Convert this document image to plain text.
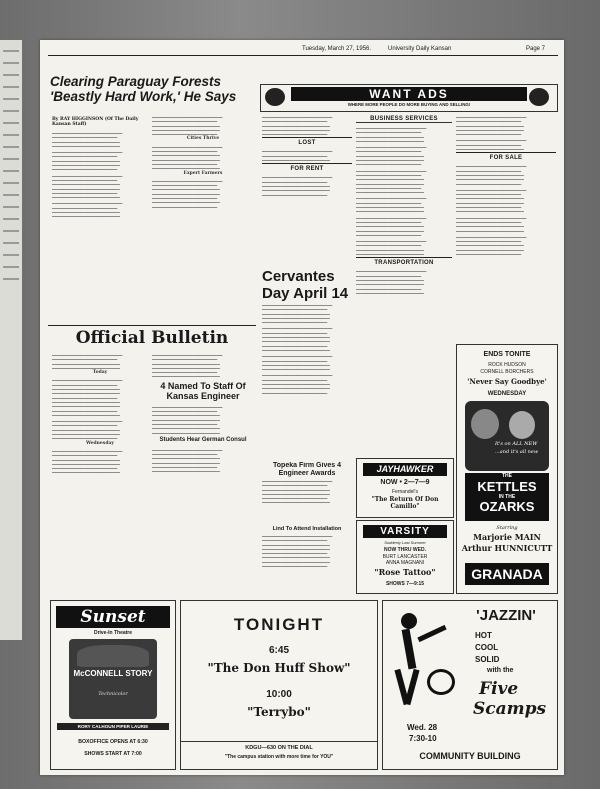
Tuesday, March 27, 1956.	University Daily Kansan	Page 7
Clearing Paraguay Forests 'Beastly Hard Work,' He Says
By RAY HIGGINSON (Of The Daily Kansan Staff)

▁▁▁▁▁▁▁▁▁▁▁▁▁▁▁▁▁▁▁▁▁▁▁▁▁▁▁ ▁▁▁▁▁▁▁▁▁▁▁▁▁▁▁▁▁▁▁▁▁▁▁▁▁ ▁▁▁▁▁▁▁▁▁▁▁▁▁▁▁▁▁▁▁▁▁▁▁▁▁▁ ▁▁▁▁▁▁▁▁▁▁▁▁▁▁▁▁▁▁▁▁▁▁▁▁▁▁

▁▁▁▁▁▁▁▁▁▁▁▁▁▁▁▁▁▁▁▁▁▁▁▁▁▁▁ ▁▁▁▁▁▁▁▁▁▁▁▁▁▁▁▁▁▁▁▁▁▁▁▁▁ ▁▁▁▁▁▁▁▁▁▁▁▁▁▁▁▁▁▁▁▁▁▁▁▁▁▁ ▁▁▁▁▁▁▁▁▁▁▁▁▁▁▁▁▁▁▁▁▁▁▁▁▁▁ ▁▁▁▁▁▁▁▁▁▁▁▁▁▁▁▁▁▁▁▁▁▁▁▁▁

▁▁▁▁▁▁▁▁▁▁▁▁▁▁▁▁▁▁▁▁▁▁▁▁▁▁▁ ▁▁▁▁▁▁▁▁▁▁▁▁▁▁▁▁▁▁▁▁▁▁▁▁▁ ▁▁▁▁▁▁▁▁▁▁▁▁▁▁▁▁▁▁▁▁▁▁▁▁▁▁ ▁▁▁▁▁▁▁▁▁▁▁▁▁▁▁▁▁▁▁▁▁▁▁▁▁▁ ▁▁▁▁▁▁▁▁▁▁▁▁▁▁▁▁▁▁▁▁▁▁▁▁▁ ▁▁▁▁▁▁▁▁▁▁▁▁▁▁▁▁▁▁▁▁▁▁▁▁▁▁

▁▁▁▁▁▁▁▁▁▁▁▁▁▁▁▁▁▁▁▁▁▁▁▁▁▁▁ ▁▁▁▁▁▁▁▁▁▁▁▁▁▁▁▁▁▁▁▁▁▁▁▁▁ ▁▁▁▁▁▁▁▁▁▁▁▁▁▁▁▁▁▁▁▁▁▁▁▁▁▁ ▁▁▁▁▁▁▁▁▁▁▁▁▁▁▁▁▁▁▁▁▁▁▁▁▁▁

▁▁▁▁▁▁▁▁▁▁▁▁▁▁▁▁▁▁▁▁▁▁▁▁▁▁▁ ▁▁▁▁▁▁▁▁▁▁▁▁▁▁▁▁▁▁▁▁▁▁▁▁▁ ▁▁▁▁▁▁▁▁▁▁▁▁▁▁▁▁▁▁▁▁▁▁▁▁▁▁ ▁▁▁▁▁▁▁▁▁▁▁▁▁▁▁▁▁▁▁▁▁▁▁▁▁▁ ▁▁▁▁▁▁▁▁▁▁▁▁▁▁▁▁▁▁▁▁▁▁▁▁▁

Cities Thrive

▁▁▁▁▁▁▁▁▁▁▁▁▁▁▁▁▁▁▁▁▁▁▁▁▁▁▁ ▁▁▁▁▁▁▁▁▁▁▁▁▁▁▁▁▁▁▁▁▁▁▁▁▁ ▁▁▁▁▁▁▁▁▁▁▁▁▁▁▁▁▁▁▁▁▁▁▁▁▁▁ ▁▁▁▁▁▁▁▁▁▁▁▁▁▁▁▁▁▁▁▁▁▁▁▁▁▁ ▁▁▁▁▁▁▁▁▁▁▁▁▁▁▁▁▁▁▁▁▁▁▁▁▁ ▁▁▁▁▁▁▁▁▁▁▁▁▁▁▁▁▁▁▁▁▁▁▁▁▁▁

Expert Farmers

▁▁▁▁▁▁▁▁▁▁▁▁▁▁▁▁▁▁▁▁▁▁▁▁▁▁▁ ▁▁▁▁▁▁▁▁▁▁▁▁▁▁▁▁▁▁▁▁▁▁▁▁▁ ▁▁▁▁▁▁▁▁▁▁▁▁▁▁▁▁▁▁▁▁▁▁▁▁▁▁ ▁▁▁▁▁▁▁▁▁▁▁▁▁▁▁▁▁▁▁▁▁▁▁▁▁▁ ▁▁▁▁▁▁▁▁▁▁▁▁▁▁▁▁▁▁▁▁▁▁▁▁▁ ▁▁▁▁▁▁▁▁▁▁▁▁▁▁▁▁▁▁▁▁▁▁▁▁▁▁ ▁▁▁▁▁▁▁▁▁▁▁▁▁▁▁▁▁▁▁▁▁▁▁▁▁

Official Bulletin

▁▁▁▁▁▁▁▁▁▁▁▁▁▁▁▁▁▁▁▁▁▁▁▁▁▁▁ ▁▁▁▁▁▁▁▁▁▁▁▁▁▁▁▁▁▁▁▁▁▁▁▁▁ ▁▁▁▁▁▁▁▁▁▁▁▁▁▁▁▁▁▁▁▁▁▁▁▁▁▁ ▁▁▁▁▁▁▁▁▁▁▁▁▁▁▁▁▁▁▁▁▁▁▁▁▁▁

Today

▁▁▁▁▁▁▁▁▁▁▁▁▁▁▁▁▁▁▁▁▁▁▁▁▁▁▁ ▁▁▁▁▁▁▁▁▁▁▁▁▁▁▁▁▁▁▁▁▁▁▁▁▁ ▁▁▁▁▁▁▁▁▁▁▁▁▁▁▁▁▁▁▁▁▁▁▁▁▁▁ ▁▁▁▁▁▁▁▁▁▁▁▁▁▁▁▁▁▁▁▁▁▁▁▁▁▁ ▁▁▁▁▁▁▁▁▁▁▁▁▁▁▁▁▁▁▁▁▁▁▁▁▁ ▁▁▁▁▁▁▁▁▁▁▁▁▁▁▁▁▁▁▁▁▁▁▁▁▁▁ ▁▁▁▁▁▁▁▁▁▁▁▁▁▁▁▁▁▁▁▁▁▁▁▁▁▁ ▁▁▁▁▁▁▁▁▁▁▁▁▁▁▁▁▁▁▁▁▁▁▁▁▁ ▁▁▁▁▁▁▁▁▁▁▁▁▁▁▁▁▁▁▁▁▁▁▁▁▁▁

▁▁▁▁▁▁▁▁▁▁▁▁▁▁▁▁▁▁▁▁▁▁▁▁▁▁▁ ▁▁▁▁▁▁▁▁▁▁▁▁▁▁▁▁▁▁▁▁▁▁▁▁▁ ▁▁▁▁▁▁▁▁▁▁▁▁▁▁▁▁▁▁▁▁▁▁▁▁▁▁ ▁▁▁▁▁▁▁▁▁▁▁▁▁▁▁▁▁▁▁▁▁▁▁▁▁▁ ▁▁▁▁▁▁▁▁▁▁▁▁▁▁▁▁▁▁▁▁▁▁▁▁▁

Wednesday

▁▁▁▁▁▁▁▁▁▁▁▁▁▁▁▁▁▁▁▁▁▁▁▁▁▁▁ ▁▁▁▁▁▁▁▁▁▁▁▁▁▁▁▁▁▁▁▁▁▁▁▁▁ ▁▁▁▁▁▁▁▁▁▁▁▁▁▁▁▁▁▁▁▁▁▁▁▁▁▁ ▁▁▁▁▁▁▁▁▁▁▁▁▁▁▁▁▁▁▁▁▁▁▁▁▁▁ ▁▁▁▁▁▁▁▁▁▁▁▁▁▁▁▁▁▁▁▁▁▁▁▁▁ ▁▁▁▁▁▁▁▁▁▁▁▁▁▁▁▁▁▁▁▁▁▁▁▁▁▁

▁▁▁▁▁▁▁▁▁▁▁▁▁▁▁▁▁▁▁▁▁▁▁▁▁▁▁ ▁▁▁▁▁▁▁▁▁▁▁▁▁▁▁▁▁▁▁▁▁▁▁▁▁ ▁▁▁▁▁▁▁▁▁▁▁▁▁▁▁▁▁▁▁▁▁▁▁▁▁▁ ▁▁▁▁▁▁▁▁▁▁▁▁▁▁▁▁▁▁▁▁▁▁▁▁▁▁ ▁▁▁▁▁▁▁▁▁▁▁▁▁▁▁▁▁▁▁▁▁▁▁▁▁ ▁▁▁▁▁▁▁▁▁▁▁▁▁▁▁▁▁▁▁▁▁▁▁▁▁▁

4 Named To Staff Of Kansas Engineer

▁▁▁▁▁▁▁▁▁▁▁▁▁▁▁▁▁▁▁▁▁▁▁▁▁▁▁ ▁▁▁▁▁▁▁▁▁▁▁▁▁▁▁▁▁▁▁▁▁▁▁▁▁ ▁▁▁▁▁▁▁▁▁▁▁▁▁▁▁▁▁▁▁▁▁▁▁▁▁▁ ▁▁▁▁▁▁▁▁▁▁▁▁▁▁▁▁▁▁▁▁▁▁▁▁▁▁ ▁▁▁▁▁▁▁▁▁▁▁▁▁▁▁▁▁▁▁▁▁▁▁▁▁ ▁▁▁▁▁▁▁▁▁▁▁▁▁▁▁▁▁▁▁▁▁▁▁▁▁▁ ▁▁▁▁▁▁▁▁▁▁▁▁▁▁▁▁▁▁▁▁▁▁▁▁▁▁

Students Hear German Consul

▁▁▁▁▁▁▁▁▁▁▁▁▁▁▁▁▁▁▁▁▁▁▁▁▁▁▁ ▁▁▁▁▁▁▁▁▁▁▁▁▁▁▁▁▁▁▁▁▁▁▁▁▁ ▁▁▁▁▁▁▁▁▁▁▁▁▁▁▁▁▁▁▁▁▁▁▁▁▁▁ ▁▁▁▁▁▁▁▁▁▁▁▁▁▁▁▁▁▁▁▁▁▁▁▁▁▁ ▁▁▁▁▁▁▁▁▁▁▁▁▁▁▁▁▁▁▁▁▁▁▁▁▁ ▁▁▁▁▁▁▁▁▁▁▁▁▁▁▁▁▁▁▁▁▁▁▁▁▁▁

WANT ADS
WHERE MORE PEOPLE DO MORE BUYING AND SELLING!

▁▁▁▁▁▁▁▁▁▁▁▁▁▁▁▁▁▁▁▁▁▁▁▁▁▁▁ ▁▁▁▁▁▁▁▁▁▁▁▁▁▁▁▁▁▁▁▁▁▁▁▁▁ ▁▁▁▁▁▁▁▁▁▁▁▁▁▁▁▁▁▁▁▁▁▁▁▁▁▁ ▁▁▁▁▁▁▁▁▁▁▁▁▁▁▁▁▁▁▁▁▁▁▁▁▁▁ ▁▁▁▁▁▁▁▁▁▁▁▁▁▁▁▁▁▁▁▁▁▁▁▁▁

LOST

▁▁▁▁▁▁▁▁▁▁▁▁▁▁▁▁▁▁▁▁▁▁▁▁▁▁▁ ▁▁▁▁▁▁▁▁▁▁▁▁▁▁▁▁▁▁▁▁▁▁▁▁▁ ▁▁▁▁▁▁▁▁▁▁▁▁▁▁▁▁▁▁▁▁▁▁▁▁▁▁

FOR RENT

▁▁▁▁▁▁▁▁▁▁▁▁▁▁▁▁▁▁▁▁▁▁▁▁▁▁▁ ▁▁▁▁▁▁▁▁▁▁▁▁▁▁▁▁▁▁▁▁▁▁▁▁▁ ▁▁▁▁▁▁▁▁▁▁▁▁▁▁▁▁▁▁▁▁▁▁▁▁▁▁ ▁▁▁▁▁▁▁▁▁▁▁▁▁▁▁▁▁▁▁▁▁▁▁▁▁▁ ▁▁▁▁▁▁▁▁▁▁▁▁▁▁▁▁▁▁▁▁▁▁▁▁▁

BUSINESS SERVICES

▁▁▁▁▁▁▁▁▁▁▁▁▁▁▁▁▁▁▁▁▁▁▁▁▁▁▁ ▁▁▁▁▁▁▁▁▁▁▁▁▁▁▁▁▁▁▁▁▁▁▁▁▁ ▁▁▁▁▁▁▁▁▁▁▁▁▁▁▁▁▁▁▁▁▁▁▁▁▁▁ ▁▁▁▁▁▁▁▁▁▁▁▁▁▁▁▁▁▁▁▁▁▁▁▁▁▁

▁▁▁▁▁▁▁▁▁▁▁▁▁▁▁▁▁▁▁▁▁▁▁▁▁▁▁ ▁▁▁▁▁▁▁▁▁▁▁▁▁▁▁▁▁▁▁▁▁▁▁▁▁ ▁▁▁▁▁▁▁▁▁▁▁▁▁▁▁▁▁▁▁▁▁▁▁▁▁▁ ▁▁▁▁▁▁▁▁▁▁▁▁▁▁▁▁▁▁▁▁▁▁▁▁▁▁ ▁▁▁▁▁▁▁▁▁▁▁▁▁▁▁▁▁▁▁▁▁▁▁▁▁

▁▁▁▁▁▁▁▁▁▁▁▁▁▁▁▁▁▁▁▁▁▁▁▁▁▁▁ ▁▁▁▁▁▁▁▁▁▁▁▁▁▁▁▁▁▁▁▁▁▁▁▁▁ ▁▁▁▁▁▁▁▁▁▁▁▁▁▁▁▁▁▁▁▁▁▁▁▁▁▁ ▁▁▁▁▁▁▁▁▁▁▁▁▁▁▁▁▁▁▁▁▁▁▁▁▁▁ ▁▁▁▁▁▁▁▁▁▁▁▁▁▁▁▁▁▁▁▁▁▁▁▁▁ ▁▁▁▁▁▁▁▁▁▁▁▁▁▁▁▁▁▁▁▁▁▁▁▁▁▁

▁▁▁▁▁▁▁▁▁▁▁▁▁▁▁▁▁▁▁▁▁▁▁▁▁▁▁ ▁▁▁▁▁▁▁▁▁▁▁▁▁▁▁▁▁▁▁▁▁▁▁▁▁ ▁▁▁▁▁▁▁▁▁▁▁▁▁▁▁▁▁▁▁▁▁▁▁▁▁▁ ▁▁▁▁▁▁▁▁▁▁▁▁▁▁▁▁▁▁▁▁▁▁▁▁▁▁

▁▁▁▁▁▁▁▁▁▁▁▁▁▁▁▁▁▁▁▁▁▁▁▁▁▁▁ ▁▁▁▁▁▁▁▁▁▁▁▁▁▁▁▁▁▁▁▁▁▁▁▁▁ ▁▁▁▁▁▁▁▁▁▁▁▁▁▁▁▁▁▁▁▁▁▁▁▁▁▁ ▁▁▁▁▁▁▁▁▁▁▁▁▁▁▁▁▁▁▁▁▁▁▁▁▁▁ ▁▁▁▁▁▁▁▁▁▁▁▁▁▁▁▁▁▁▁▁▁▁▁▁▁

▁▁▁▁▁▁▁▁▁▁▁▁▁▁▁▁▁▁▁▁▁▁▁▁▁▁▁ ▁▁▁▁▁▁▁▁▁▁▁▁▁▁▁▁▁▁▁▁▁▁▁▁▁ ▁▁▁▁▁▁▁▁▁▁▁▁▁▁▁▁▁▁▁▁▁▁▁▁▁▁ ▁▁▁▁▁▁▁▁▁▁▁▁▁▁▁▁▁▁▁▁▁▁▁▁▁▁

TRANSPORTATION

▁▁▁▁▁▁▁▁▁▁▁▁▁▁▁▁▁▁▁▁▁▁▁▁▁▁▁ ▁▁▁▁▁▁▁▁▁▁▁▁▁▁▁▁▁▁▁▁▁▁▁▁▁ ▁▁▁▁▁▁▁▁▁▁▁▁▁▁▁▁▁▁▁▁▁▁▁▁▁▁ ▁▁▁▁▁▁▁▁▁▁▁▁▁▁▁▁▁▁▁▁▁▁▁▁▁▁ ▁▁▁▁▁▁▁▁▁▁▁▁▁▁▁▁▁▁▁▁▁▁▁▁▁ ▁▁▁▁▁▁▁▁▁▁▁▁▁▁▁▁▁▁▁▁▁▁▁▁▁▁

▁▁▁▁▁▁▁▁▁▁▁▁▁▁▁▁▁▁▁▁▁▁▁▁▁▁▁ ▁▁▁▁▁▁▁▁▁▁▁▁▁▁▁▁▁▁▁▁▁▁▁▁▁ ▁▁▁▁▁▁▁▁▁▁▁▁▁▁▁▁▁▁▁▁▁▁▁▁▁▁ ▁▁▁▁▁▁▁▁▁▁▁▁▁▁▁▁▁▁▁▁▁▁▁▁▁▁ ▁▁▁▁▁▁▁▁▁▁▁▁▁▁▁▁▁▁▁▁▁▁▁▁▁

▁▁▁▁▁▁▁▁▁▁▁▁▁▁▁▁▁▁▁▁▁▁▁▁▁▁▁ ▁▁▁▁▁▁▁▁▁▁▁▁▁▁▁▁▁▁▁▁▁▁▁▁▁ ▁▁▁▁▁▁▁▁▁▁▁▁▁▁▁▁▁▁▁▁▁▁▁▁▁▁

FOR SALE

▁▁▁▁▁▁▁▁▁▁▁▁▁▁▁▁▁▁▁▁▁▁▁▁▁▁▁ ▁▁▁▁▁▁▁▁▁▁▁▁▁▁▁▁▁▁▁▁▁▁▁▁▁ ▁▁▁▁▁▁▁▁▁▁▁▁▁▁▁▁▁▁▁▁▁▁▁▁▁▁ ▁▁▁▁▁▁▁▁▁▁▁▁▁▁▁▁▁▁▁▁▁▁▁▁▁▁ ▁▁▁▁▁▁▁▁▁▁▁▁▁▁▁▁▁▁▁▁▁▁▁▁▁

▁▁▁▁▁▁▁▁▁▁▁▁▁▁▁▁▁▁▁▁▁▁▁▁▁▁▁ ▁▁▁▁▁▁▁▁▁▁▁▁▁▁▁▁▁▁▁▁▁▁▁▁▁ ▁▁▁▁▁▁▁▁▁▁▁▁▁▁▁▁▁▁▁▁▁▁▁▁▁▁ ▁▁▁▁▁▁▁▁▁▁▁▁▁▁▁▁▁▁▁▁▁▁▁▁▁▁ ▁▁▁▁▁▁▁▁▁▁▁▁▁▁▁▁▁▁▁▁▁▁▁▁▁ ▁▁▁▁▁▁▁▁▁▁▁▁▁▁▁▁▁▁▁▁▁▁▁▁▁▁

▁▁▁▁▁▁▁▁▁▁▁▁▁▁▁▁▁▁▁▁▁▁▁▁▁▁▁ ▁▁▁▁▁▁▁▁▁▁▁▁▁▁▁▁▁▁▁▁▁▁▁▁▁ ▁▁▁▁▁▁▁▁▁▁▁▁▁▁▁▁▁▁▁▁▁▁▁▁▁▁ ▁▁▁▁▁▁▁▁▁▁▁▁▁▁▁▁▁▁▁▁▁▁▁▁▁▁

▁▁▁▁▁▁▁▁▁▁▁▁▁▁▁▁▁▁▁▁▁▁▁▁▁▁▁ ▁▁▁▁▁▁▁▁▁▁▁▁▁▁▁▁▁▁▁▁▁▁▁▁▁ ▁▁▁▁▁▁▁▁▁▁▁▁▁▁▁▁▁▁▁▁▁▁▁▁▁▁ ▁▁▁▁▁▁▁▁▁▁▁▁▁▁▁▁▁▁▁▁▁▁▁▁▁▁ ▁▁▁▁▁▁▁▁▁▁▁▁▁▁▁▁▁▁▁▁▁▁▁▁▁

Cervantes Day April 14

▁▁▁▁▁▁▁▁▁▁▁▁▁▁▁▁▁▁▁▁▁▁▁▁▁▁▁ ▁▁▁▁▁▁▁▁▁▁▁▁▁▁▁▁▁▁▁▁▁▁▁▁▁ ▁▁▁▁▁▁▁▁▁▁▁▁▁▁▁▁▁▁▁▁▁▁▁▁▁▁ ▁▁▁▁▁▁▁▁▁▁▁▁▁▁▁▁▁▁▁▁▁▁▁▁▁▁ ▁▁▁▁▁▁▁▁▁▁▁▁▁▁▁▁▁▁▁▁▁▁▁▁▁

▁▁▁▁▁▁▁▁▁▁▁▁▁▁▁▁▁▁▁▁▁▁▁▁▁▁▁ ▁▁▁▁▁▁▁▁▁▁▁▁▁▁▁▁▁▁▁▁▁▁▁▁▁ ▁▁▁▁▁▁▁▁▁▁▁▁▁▁▁▁▁▁▁▁▁▁▁▁▁▁ ▁▁▁▁▁▁▁▁▁▁▁▁▁▁▁▁▁▁▁▁▁▁▁▁▁▁ ▁▁▁▁▁▁▁▁▁▁▁▁▁▁▁▁▁▁▁▁▁▁▁▁▁ ▁▁▁▁▁▁▁▁▁▁▁▁▁▁▁▁▁▁▁▁▁▁▁▁▁▁

▁▁▁▁▁▁▁▁▁▁▁▁▁▁▁▁▁▁▁▁▁▁▁▁▁▁▁ ▁▁▁▁▁▁▁▁▁▁▁▁▁▁▁▁▁▁▁▁▁▁▁▁▁ ▁▁▁▁▁▁▁▁▁▁▁▁▁▁▁▁▁▁▁▁▁▁▁▁▁▁ ▁▁▁▁▁▁▁▁▁▁▁▁▁▁▁▁▁▁▁▁▁▁▁▁▁▁

▁▁▁▁▁▁▁▁▁▁▁▁▁▁▁▁▁▁▁▁▁▁▁▁▁▁▁ ▁▁▁▁▁▁▁▁▁▁▁▁▁▁▁▁▁▁▁▁▁▁▁▁▁ ▁▁▁▁▁▁▁▁▁▁▁▁▁▁▁▁▁▁▁▁▁▁▁▁▁▁ ▁▁▁▁▁▁▁▁▁▁▁▁▁▁▁▁▁▁▁▁▁▁▁▁▁▁ ▁▁▁▁▁▁▁▁▁▁▁▁▁▁▁▁▁▁▁▁▁▁▁▁▁

Topeka Firm Gives 4 Engineer Awards

▁▁▁▁▁▁▁▁▁▁▁▁▁▁▁▁▁▁▁▁▁▁▁▁▁▁▁ ▁▁▁▁▁▁▁▁▁▁▁▁▁▁▁▁▁▁▁▁▁▁▁▁▁ ▁▁▁▁▁▁▁▁▁▁▁▁▁▁▁▁▁▁▁▁▁▁▁▁▁▁ ▁▁▁▁▁▁▁▁▁▁▁▁▁▁▁▁▁▁▁▁▁▁▁▁▁▁ ▁▁▁▁▁▁▁▁▁▁▁▁▁▁▁▁▁▁▁▁▁▁▁▁▁ ▁▁▁▁▁▁▁▁▁▁▁▁▁▁▁▁▁▁▁▁▁▁▁▁▁▁

Lind To Attend Installation

▁▁▁▁▁▁▁▁▁▁▁▁▁▁▁▁▁▁▁▁▁▁▁▁▁▁▁ ▁▁▁▁▁▁▁▁▁▁▁▁▁▁▁▁▁▁▁▁▁▁▁▁▁ ▁▁▁▁▁▁▁▁▁▁▁▁▁▁▁▁▁▁▁▁▁▁▁▁▁▁ ▁▁▁▁▁▁▁▁▁▁▁▁▁▁▁▁▁▁▁▁▁▁▁▁▁▁ ▁▁▁▁▁▁▁▁▁▁▁▁▁▁▁▁▁▁▁▁▁▁▁▁▁ ▁▁▁▁▁▁▁▁▁▁▁▁▁▁▁▁▁▁▁▁▁▁▁▁▁▁ ▁▁▁▁▁▁▁▁▁▁▁▁▁▁▁▁▁▁▁▁▁▁▁▁▁▁ ▁▁▁▁▁▁▁▁▁▁▁▁▁▁▁▁▁▁▁▁▁▁▁▁▁

JAYHAWKER
NOW • 2—7—9
Fernandel's
"The Return Of Don Camillo"
VARSITY
Suddenly Last Summer
NOW THRU WED.
BURT LANCASTER
ANNA MAGNANI
"Rose Tattoo"
SHOWS 7—9:15
ENDS TONITE
ROCK HUDSON
CORNELL BORCHERS
'Never Say Goodbye'
WEDNESDAY
It's on ALL NEW
...and it's all new
THE
KETTLES
IN THE
OZARKS
Starring
Marjorie MAIN
Arthur HUNNICUTT
GRANADA
Sunset
Drive-In Theatre
McCONNELL STORY
Technicolor
RORY CALHOUN PIPER LAURIE
BOXOFFICE OPENS AT 6:30
SHOWS START AT 7:00
TONIGHT
6:45
"The Don Huff Show"
10:00
"Terrybo"
KDGU—630 ON THE DIAL
"The campus station with more time for YOU"
'JAZZIN'
HOT
COOL
SOLID
with the
Five
Scamps
Wed. 28
7:30-10
COMMUNITY BUILDING
